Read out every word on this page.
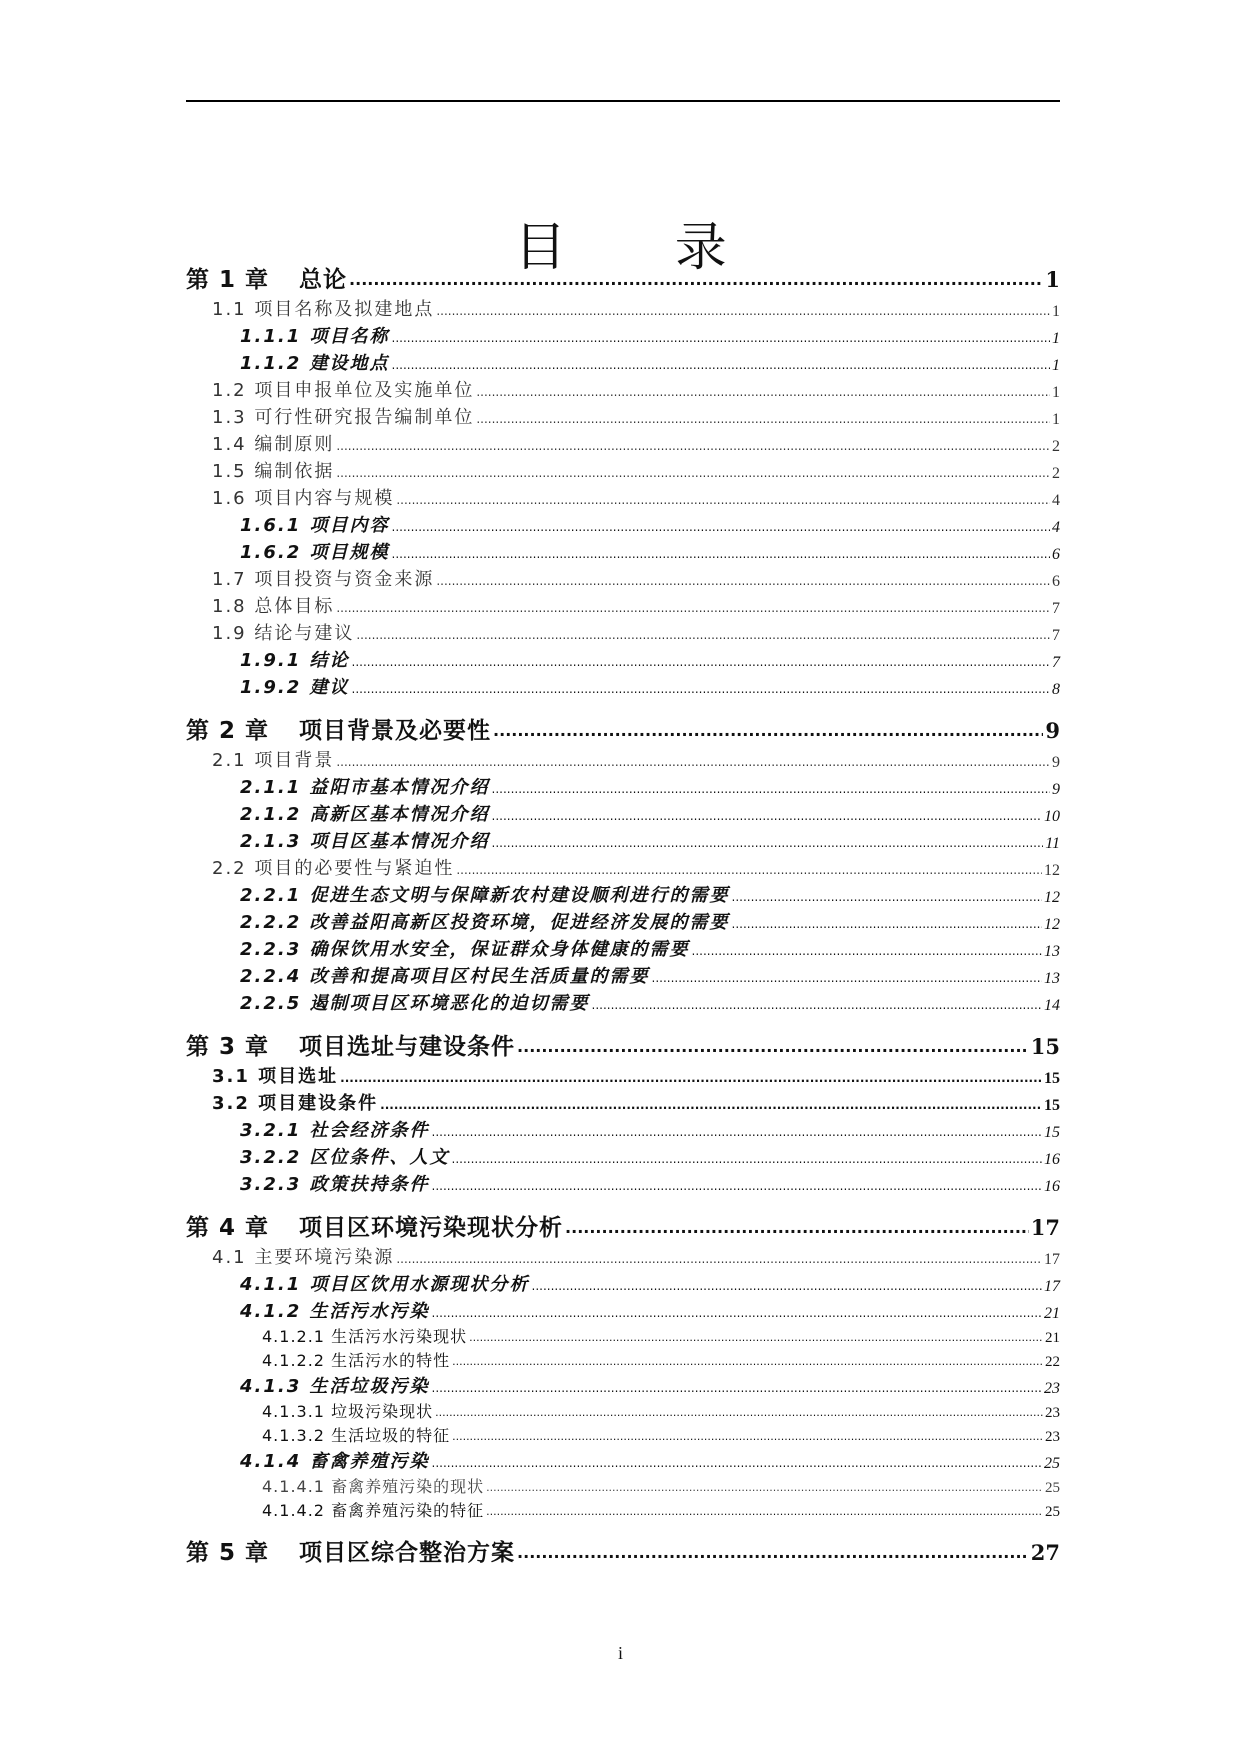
目 录
第 1 章 总论 .....	1
1.1 项目名称及拟建地点 .....	1
1.1.1 项目名称 .....	1
1.1.2 建设地点 .....	1
1.2 项目申报单位及实施单位 .....	1
1.3 可行性研究报告编制单位 .....	1
1.4 编制原则 .....	2
1.5 编制依据 .....	2
1.6 项目内容与规模 .....	4
1.6.1 项目内容 .....	4
1.6.2 项目规模 .....	6
1.7 项目投资与资金来源 .....	6
1.8 总体目标 .....	7
1.9 结论与建议 .....	7
1.9.1 结论 .....	7
1.9.2 建议 .....	8
第 2 章 项目背景及必要性 .....	9
2.1 项目背景 .....	9
2.1.1 益阳市基本情况介绍 .....	9
2.1.2 高新区基本情况介绍 .....	10
2.1.3 项目区基本情况介绍 .....	11
2.2 项目的必要性与紧迫性 .....	12
2.2.1 促进生态文明与保障新农村建设顺利进行的需要 .....	12
2.2.2 改善益阳高新区投资环境，促进经济发展的需要 .....	12
2.2.3 确保饮用水安全，保证群众身体健康的需要 .....	13
2.2.4 改善和提高项目区村民生活质量的需要 .....	13
2.2.5 遏制项目区环境恶化的迫切需要 .....	14
第 3 章 项目选址与建设条件 .....	15
3.1 项目选址 .....	15
3.2 项目建设条件 .....	15
3.2.1 社会经济条件 .....	15
3.2.2 区位条件、人文 .....	16
3.2.3 政策扶持条件 .....	16
第 4 章 项目区环境污染现状分析 .....	17
4.1 主要环境污染源 .....	17
4.1.1 项目区饮用水源现状分析 .....	17
4.1.2 生活污水污染 .....	21
4.1.2.1 生活污水污染现状 .....	21
4.1.2.2 生活污水的特性 .....	22
4.1.3 生活垃圾污染 .....	23
4.1.3.1 垃圾污染现状 .....	23
4.1.3.2 生活垃圾的特征 .....	23
4.1.4 畜禽养殖污染 .....	25
4.1.4.1 畜禽养殖污染的现状 .....	25
4.1.4.2 畜禽养殖污染的特征 .....	25
第 5 章 项目区综合整治方案 .....	27
i
